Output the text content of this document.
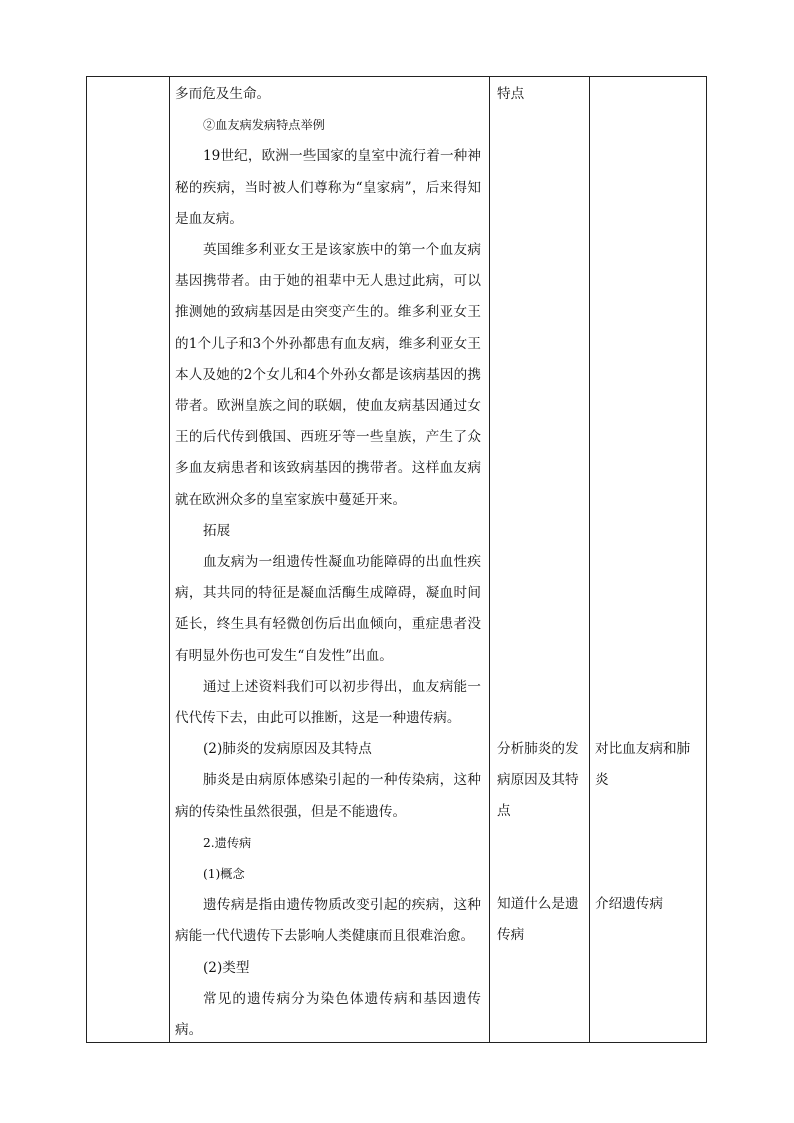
多而危及生命。

②血友病发病特点举例

19世纪，欧洲一些国家的皇室中流行着一种神秘的疾病，当时被人们尊称为“皇家病”，后来得知是血友病。

英国维多利亚女王是该家族中的第一个血友病基因携带者。由于她的祖辈中无人患过此病，可以推测她的致病基因是由突变产生的。维多利亚女王的1个儿子和3个外孙都患有血友病，维多利亚女王本人及她的2个女儿和4个外孙女都是该病基因的携带者。欧洲皇族之间的联姻，使血友病基因通过女王的后代传到俄国、西班牙等一些皇族，产生了众多血友病患者和该致病基因的携带者。这样血友病就在欧洲众多的皇室家族中蔓延开来。

拓展

血友病为一组遗传性凝血功能障碍的出血性疾病，其共同的特征是凝血活酶生成障碍，凝血时间延长，终生具有轻微创伤后出血倾向，重症患者没有明显外伤也可发生“自发性”出血。

通过上述资料我们可以初步得出，血友病能一代代传下去，由此可以推断，这是一种遗传病。

(2)肺炎的发病原因及其特点

肺炎是由病原体感染引起的一种传染病，这种病的传染性虽然很强，但是不能遗传。

2.遗传病

(1)概念

遗传病是指由遗传物质改变引起的疾病，这种病能一代代遗传下去影响人类健康而且很难治愈。

(2)类型

常见的遗传病分为染色体遗传病和基因遗传病。

特点

分析肺炎的发病原因及其特点

知道什么是遗传病

对比血友病和肺炎

介绍遗传病
